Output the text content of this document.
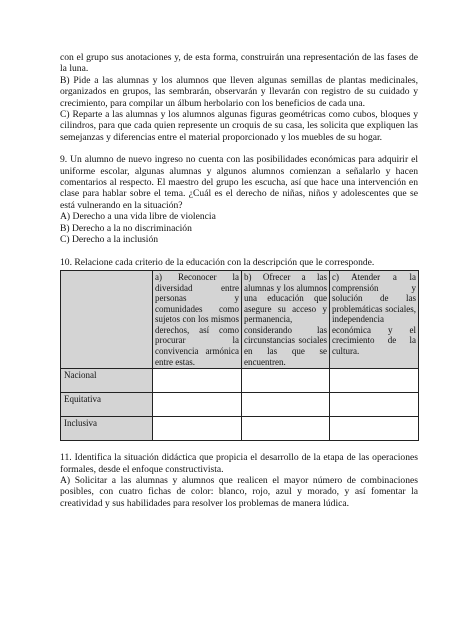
con el grupo sus anotaciones y, de esta forma, construirán una representación de las fases de la luna.

B) Pide a las alumnas y los alumnos que lleven algunas semillas de plantas medicinales, organizados en grupos, las sembrarán, observarán y llevarán con registro de su cuidado y crecimiento, para compilar un álbum herbolario con los beneficios de cada una.

C) Reparte a las alumnas y los alumnos algunas figuras geométricas como cubos, bloques y cilindros, para que cada quien represente un croquis de su casa, les solicita que expliquen las semejanzas y diferencias entre el material proporcionado y los muebles de su hogar.

9. Un alumno de nuevo ingreso no cuenta con las posibilidades económicas para adquirir el uniforme escolar, algunas alumnas y algunos alumnos comienzan a señalarlo y hacen comentarios al respecto. El maestro del grupo les escucha, así que hace una intervención en clase para hablar sobre el tema. ¿Cuál es el derecho de niñas, niños y adolescentes que se está vulnerando en la situación?

A) Derecho a una vida libre de violencia

B) Derecho a la no discriminación

C) Derecho a la inclusión

10. Relacione cada criterio de la educación con la descripción que le corresponde.

	a) Reconocer la diversidad entre personas y comunidades como sujetos con los mismos derechos, así como procurar la convivencia armónica entre estas.	b) Ofrecer a las alumnas y los alumnos una educación que asegure su acceso y permanencia, considerando las circunstancias sociales en las que se encuentren.	c) Atender a la comprensión y solución de las problemáticas sociales, independencia económica y el crecimiento de la cultura.
Nacional			
Equitativa			
Inclusiva			

11. Identifica la situación didáctica que propicia el desarrollo de la etapa de las operaciones formales, desde el enfoque constructivista.

A) Solicitar a las alumnas y alumnos que realicen el mayor número de combinaciones posibles, con cuatro fichas de color: blanco, rojo, azul y morado, y así fomentar la creatividad y sus habilidades para resolver los problemas de manera lúdica.
